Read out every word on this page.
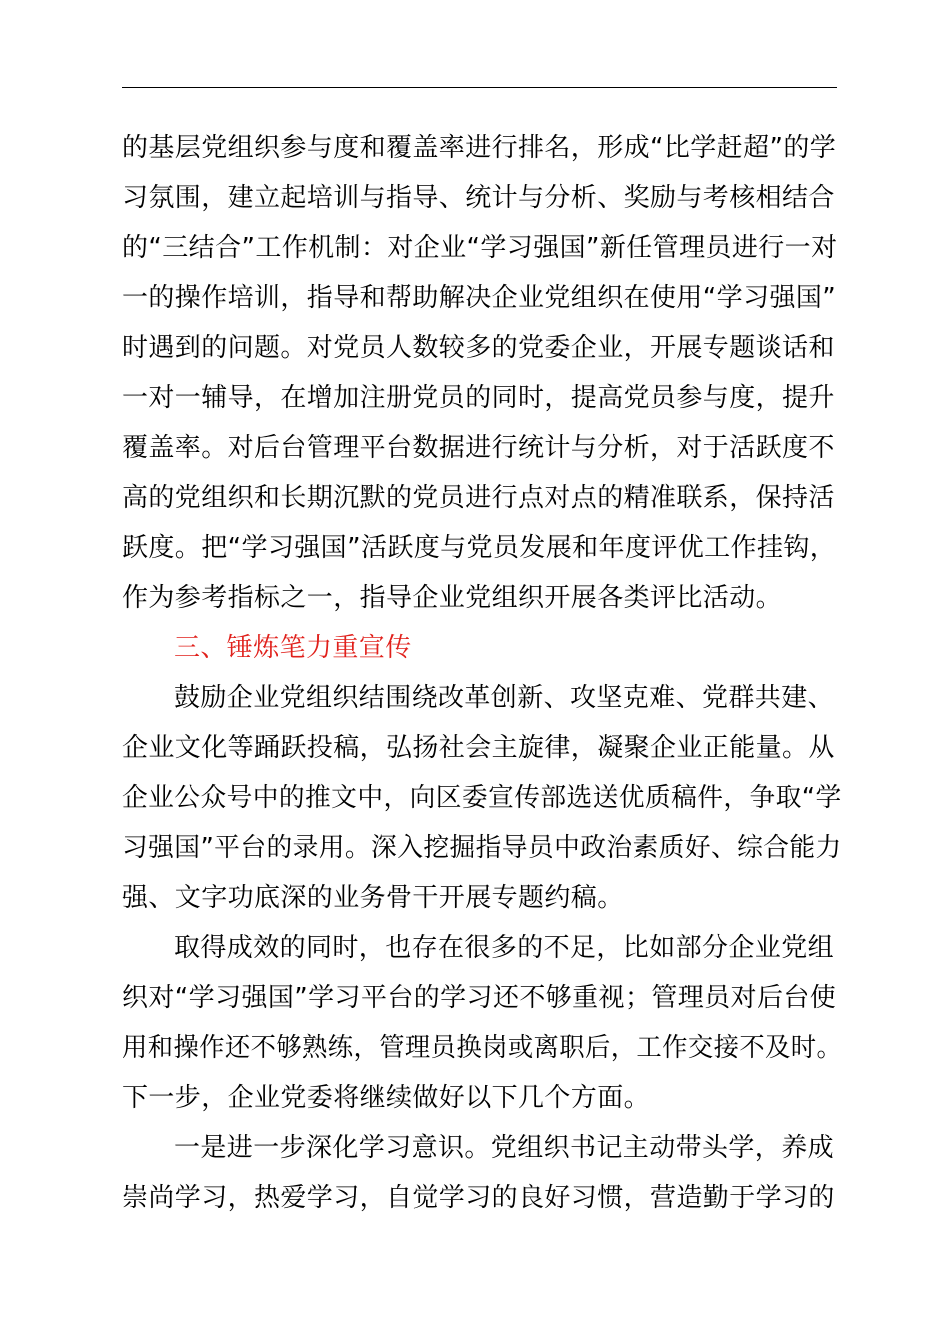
的基层党组织参与度和覆盖率进行排名，形成“比学赶超”的学
习氛围，建立起培训与指导、统计与分析、奖励与考核相结合
的“三结合”工作机制：对企业“学习强国”新任管理员进行一对
一的操作培训，指导和帮助解决企业党组织在使用“学习强国”
时遇到的问题。对党员人数较多的党委企业，开展专题谈话和
一对一辅导，在增加注册党员的同时，提高党员参与度，提升
覆盖率。对后台管理平台数据进行统计与分析，对于活跃度不
高的党组织和长期沉默的党员进行点对点的精准联系，保持活
跃度。把“学习强国”活跃度与党员发展和年度评优工作挂钩，
作为参考指标之一，指导企业党组织开展各类评比活动。
三、锤炼笔力重宣传
鼓励企业党组织结围绕改革创新、攻坚克难、党群共建、
企业文化等踊跃投稿，弘扬社会主旋律，凝聚企业正能量。从
企业公众号中的推文中，向区委宣传部选送优质稿件，争取“学
习强国”平台的录用。深入挖掘指导员中政治素质好、综合能力
强、文字功底深的业务骨干开展专题约稿。
取得成效的同时，也存在很多的不足，比如部分企业党组
织对“学习强国”学习平台的学习还不够重视；管理员对后台使
用和操作还不够熟练，管理员换岗或离职后，工作交接不及时。
下一步，企业党委将继续做好以下几个方面。
一是进一步深化学习意识。党组织书记主动带头学，养成
崇尚学习，热爱学习，自觉学习的良好习惯，营造勤于学习的
